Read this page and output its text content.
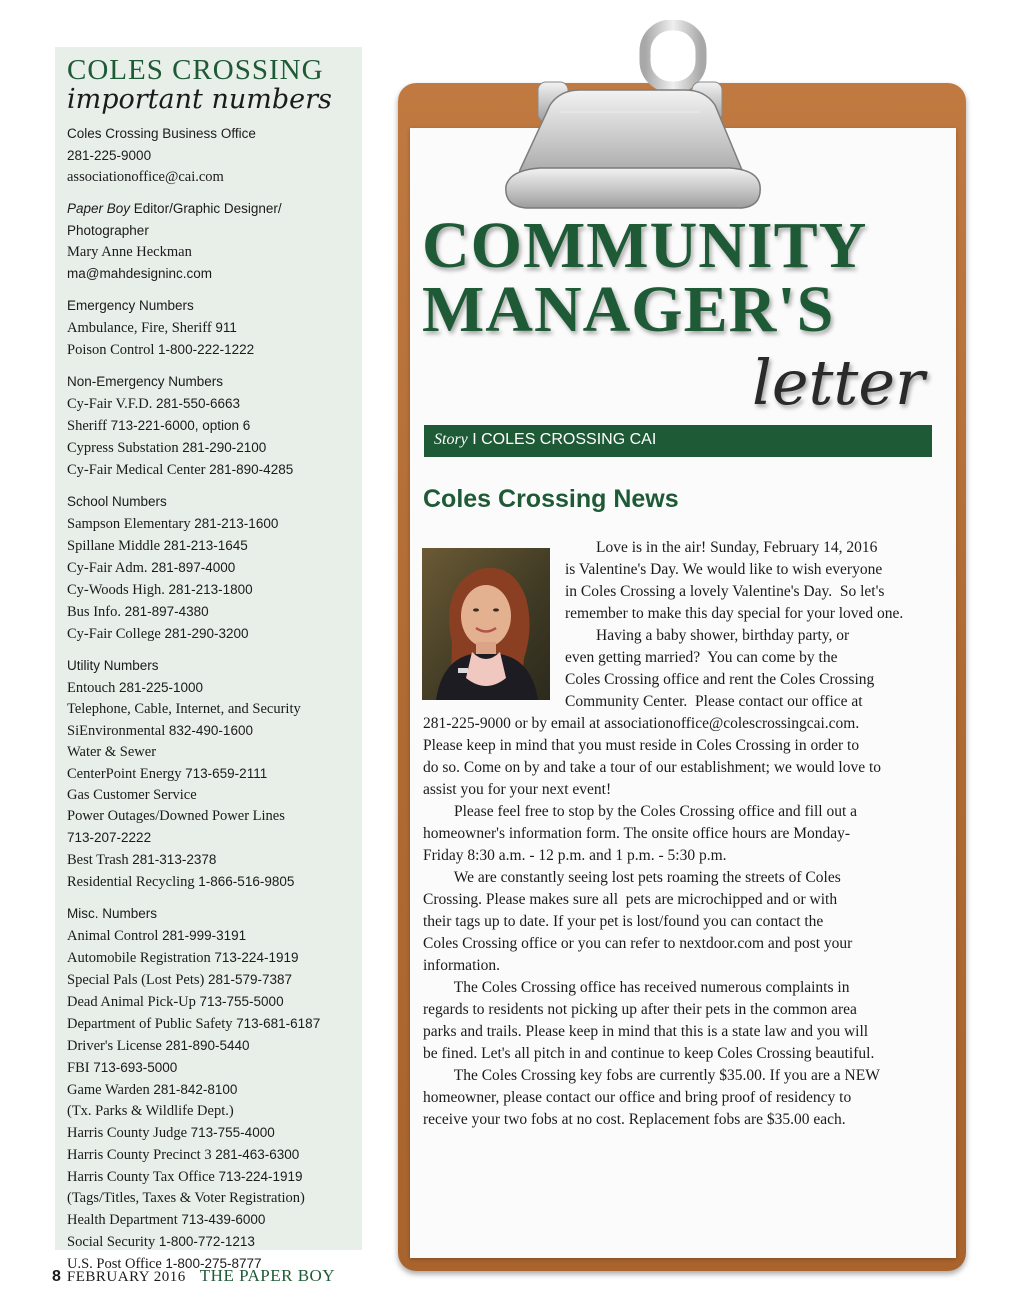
COLES CROSSING

important numbers

Coles Crossing Business Office
281-225-9000
associationoffice@cai.com
Paper Boy Editor/Graphic Designer/
Photographer
Mary Anne Heckman
ma@mahdesigninc.com
Emergency Numbers
Ambulance, Fire, Sheriff 911
Poison Control 1-800-222-1222
Non-Emergency Numbers
Cy-Fair V.F.D. 281-550-6663
Sheriff 713-221-6000, option 6
Cypress Substation 281-290-2100
Cy-Fair Medical Center 281-890-4285
School Numbers
Sampson Elementary 281-213-1600
Spillane Middle 281-213-1645
Cy-Fair Adm. 281-897-4000
Cy-Woods High. 281-213-1800
Bus Info. 281-897-4380
Cy-Fair College 281-290-3200
Utility Numbers
Entouch 281-225-1000
Telephone, Cable, Internet, and Security
SiEnvironmental 832-490-1600
Water & Sewer
CenterPoint Energy 713-659-2111
Gas Customer Service
Power Outages/Downed Power Lines
713-207-2222
Best Trash 281-313-2378
Residential Recycling 1-866-516-9805
Misc. Numbers
Animal Control 281-999-3191
Automobile Registration 713-224-1919
Special Pals (Lost Pets) 281-579-7387
Dead Animal Pick-Up 713-755-5000
Department of Public Safety 713-681-6187
Driver's License 281-890-5440
FBI 713-693-5000
Game Warden 281-842-8100
(Tx. Parks & Wildlife Dept.)
Harris County Judge 713-755-4000
Harris County Precinct 3 281-463-6300
Harris County Tax Office 713-224-1919
(Tags/Titles, Taxes & Voter Registration)
Health Department 713-439-6000
Social Security 1-800-772-1213
U.S. Post Office 1-800-275-8777
8 FEBRUARY 2016 THE PAPER BOY
COMMUNITY
MANAGER'S
letter
Story I COLES CROSSING CAI
Coles Crossing News
Love is in the air! Sunday, February 14, 2016
is Valentine's Day. We would like to wish everyone
in Coles Crossing a lovely Valentine's Day.  So let's
remember to make this day special for your loved one.
Having a baby shower, birthday party, or
even getting married?  You can come by the
Coles Crossing office and rent the Coles Crossing
Community Center.  Please contact our office at
281-225-9000 or by email at associationoffice@colescrossingcai.com.
Please keep in mind that you must reside in Coles Crossing in order to
do so. Come on by and take a tour of our establishment; we would love to
assist you for your next event!
Please feel free to stop by the Coles Crossing office and fill out a
homeowner's information form. The onsite office hours are Monday-
Friday 8:30 a.m. - 12 p.m. and 1 p.m. - 5:30 p.m.
We are constantly seeing lost pets roaming the streets of Coles
Crossing. Please makes sure all  pets are microchipped and or with
their tags up to date. If your pet is lost/found you can contact the
Coles Crossing office or you can refer to nextdoor.com and post your
information.
The Coles Crossing office has received numerous complaints in
regards to residents not picking up after their pets in the common area
parks and trails. Please keep in mind that this is a state law and you will
be fined. Let's all pitch in and continue to keep Coles Crossing beautiful.
The Coles Crossing key fobs are currently $35.00. If you are a NEW
homeowner, please contact our office and bring proof of residency to
receive your two fobs at no cost. Replacement fobs are $35.00 each.
